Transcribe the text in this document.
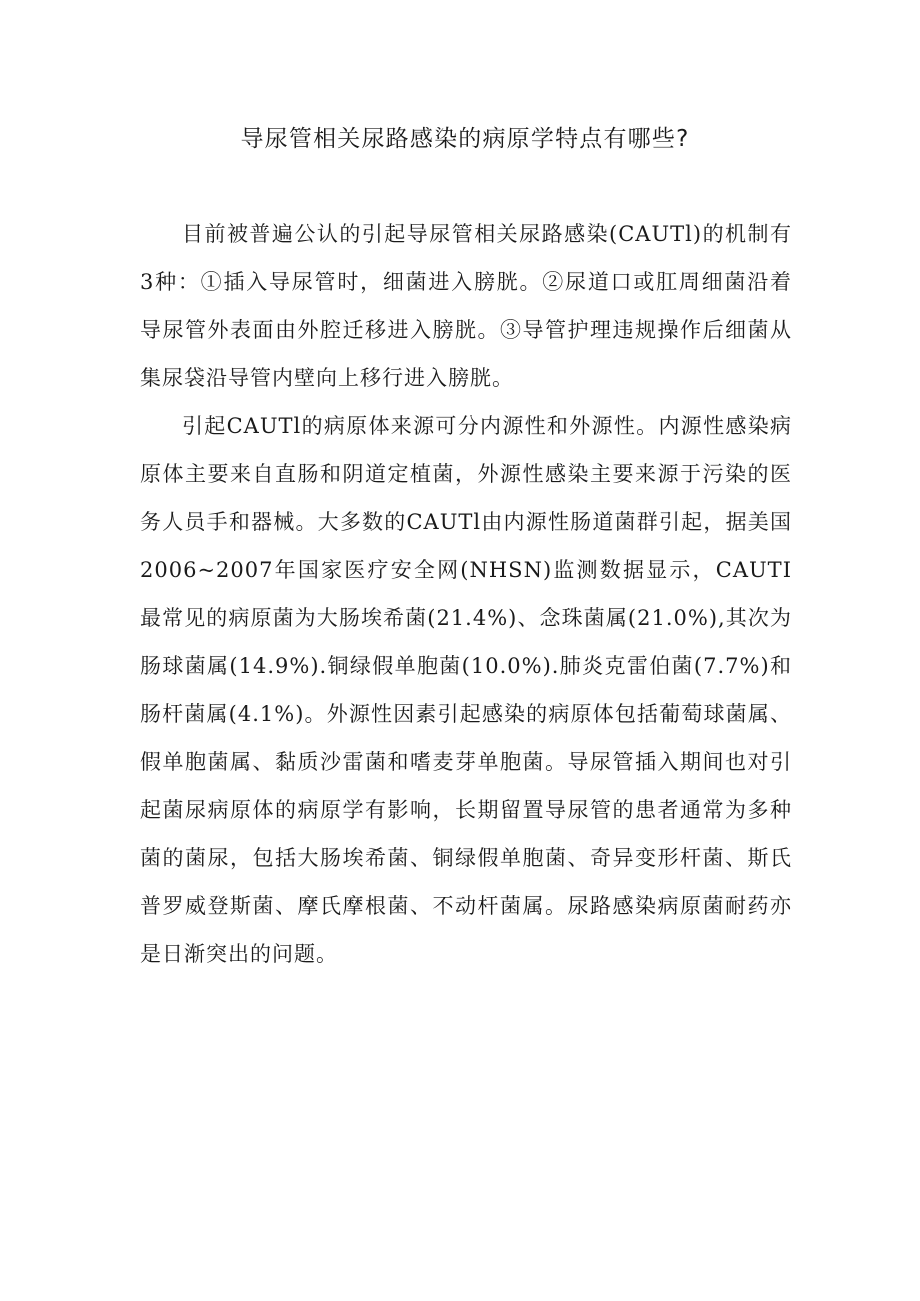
导尿管相关尿路感染的病原学特点有哪些?

目前被普遍公认的引起导尿管相关尿路感染(CAUTl)的机制有3种：①插入导尿管时，细菌进入膀胱。②尿道口或肛周细菌沿着导尿管外表面由外腔迁移进入膀胱。③导管护理违规操作后细菌从集尿袋沿导管内壁向上移行进入膀胱。

引起CAUTl的病原体来源可分内源性和外源性。内源性感染病原体主要来自直肠和阴道定植菌，外源性感染主要来源于污染的医务人员手和器械。大多数的CAUTl由内源性肠道菌群引起，据美国2006~2007年国家医疗安全网(NHSN)监测数据显示，CAUTI最常见的病原菌为大肠埃希菌(21.4%)、念珠菌属(21.0%),其次为肠球菌属(14.9%).铜绿假单胞菌(10.0%).肺炎克雷伯菌(7.7%)和肠杆菌属(4.1%)。外源性因素引起感染的病原体包括葡萄球菌属、假单胞菌属、黏质沙雷菌和嗜麦芽单胞菌。导尿管插入期间也对引起菌尿病原体的病原学有影响，长期留置导尿管的患者通常为多种菌的菌尿，包括大肠埃希菌、铜绿假单胞菌、奇异变形杆菌、斯氏普罗威登斯菌、摩氏摩根菌、不动杆菌属。尿路感染病原菌耐药亦是日渐突出的问题。
